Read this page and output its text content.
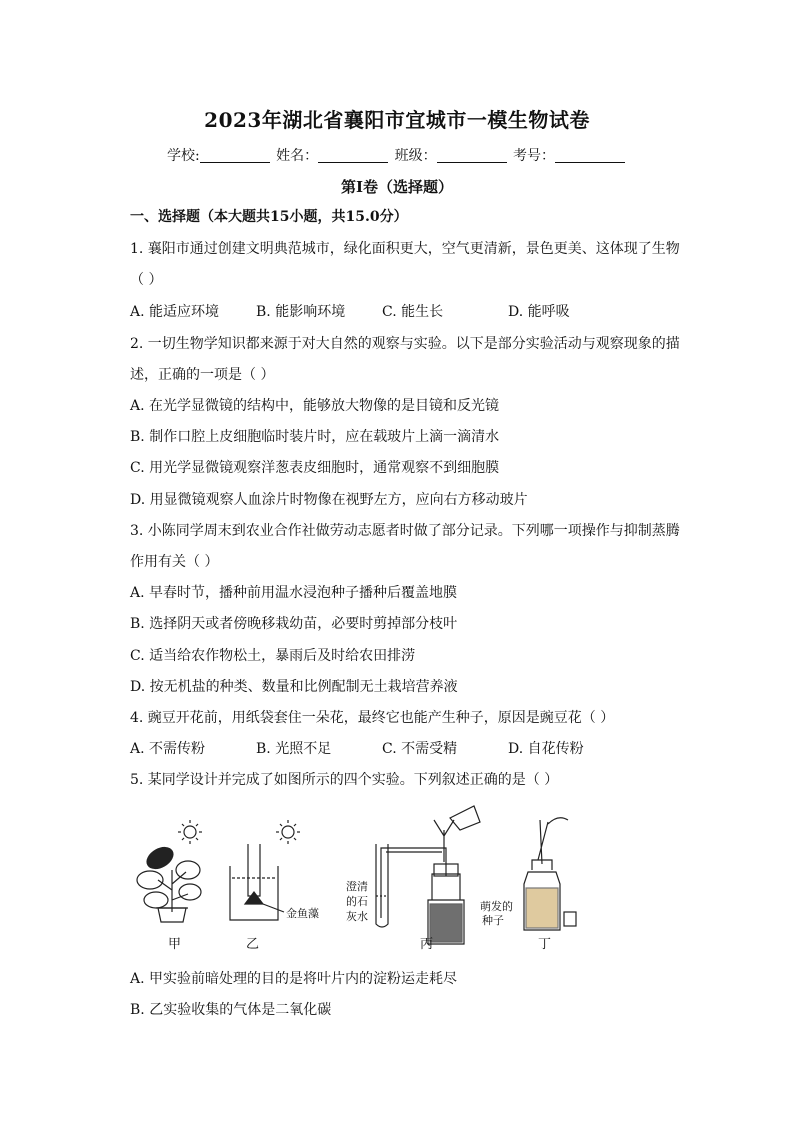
2023年湖北省襄阳市宜城市一模生物试卷
学校:	姓名：	班级：	考号：
第I卷（选择题）
一、选择题（本大题共15小题，共15.0分）
1. 襄阳市通过创建文明典范城市，绿化面积更大，空气更清新，景色更美、这体现了生物
（ ）
A. 能适应环境	B. 能影响环境	C. 能生长	D. 能呼吸
2. 一切生物学知识都来源于对大自然的观察与实验。以下是部分实验活动与观察现象的描
述，正确的一项是（ ）
A. 在光学显微镜的结构中，能够放大物像的是目镜和反光镜
B. 制作口腔上皮细胞临时装片时，应在载玻片上滴一滴清水
C. 用光学显微镜观察洋葱表皮细胞时，通常观察不到细胞膜
D. 用显微镜观察人血涂片时物像在视野左方，应向右方移动玻片
3. 小陈同学周末到农业合作社做劳动志愿者时做了部分记录。下列哪一项操作与抑制蒸腾
作用有关（ ）
A. 早春时节，播种前用温水浸泡种子播种后覆盖地膜
B. 选择阴天或者傍晚移栽幼苗，必要时剪掉部分枝叶
C. 适当给农作物松土，暴雨后及时给农田排涝
D. 按无机盐的种类、数量和比例配制无土栽培营养液
4. 豌豆开花前，用纸袋套住一朵花，最终它也能产生种子，原因是豌豆花（ ）
A. 不需传粉	B. 光照不足	C. 不需受精	D. 自花传粉
5. 某同学设计并完成了如图所示的四个实验。下列叙述正确的是（ ）
甲
金鱼藻
乙
澄清
的石
灰水
丙
萌发的
种子
丁
A. 甲实验前暗处理的目的是将叶片内的淀粉运走耗尽
B. 乙实验收集的气体是二氧化碳
